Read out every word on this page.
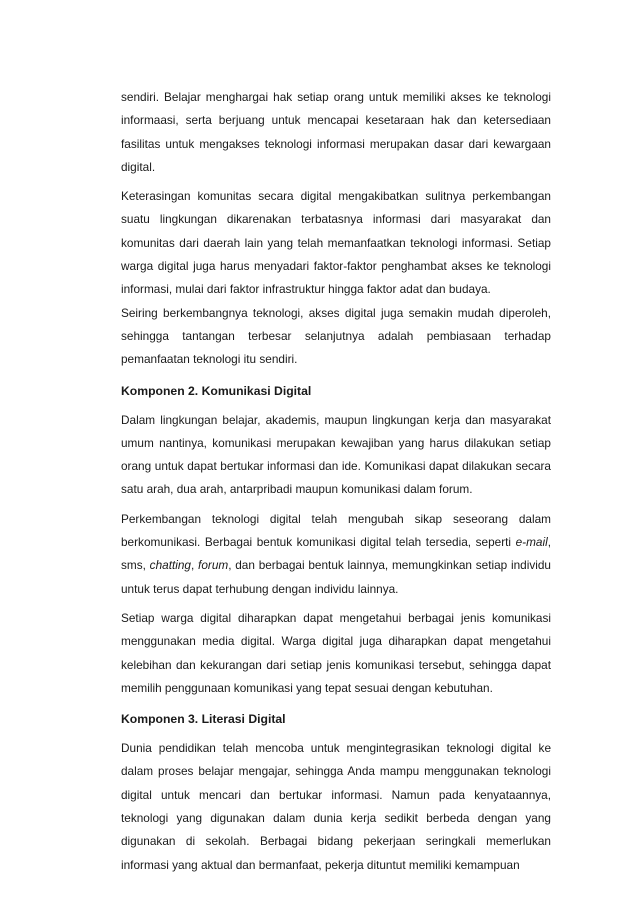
sendiri. Belajar menghargai hak setiap orang untuk memiliki akses ke teknologi informaasi, serta berjuang untuk mencapai kesetaraan hak dan ketersediaan fasilitas untuk mengakses teknologi informasi merupakan dasar dari kewargaan digital.

Keterasingan komunitas secara digital mengakibatkan sulitnya perkembangan suatu lingkungan dikarenakan terbatasnya informasi dari masyarakat dan komunitas dari daerah lain yang telah memanfaatkan teknologi informasi. Setiap warga digital juga harus menyadari faktor-faktor penghambat akses ke teknologi informasi, mulai dari faktor infrastruktur hingga faktor adat dan budaya.

Seiring berkembangnya teknologi, akses digital juga semakin mudah diperoleh, sehingga tantangan terbesar selanjutnya adalah pembiasaan terhadap pemanfaatan teknologi itu sendiri.

Komponen 2. Komunikasi Digital

Dalam lingkungan belajar, akademis, maupun lingkungan kerja dan masyarakat umum nantinya, komunikasi merupakan kewajiban yang harus dilakukan setiap orang untuk dapat bertukar informasi dan ide. Komunikasi dapat dilakukan secara satu arah, dua arah, antarpribadi maupun komunikasi dalam forum.

Perkembangan teknologi digital telah mengubah sikap seseorang dalam berkomunikasi. Berbagai bentuk komunikasi digital telah tersedia, seperti e-mail, sms, chatting, forum, dan berbagai bentuk lainnya, memungkinkan setiap individu untuk terus dapat terhubung dengan individu lainnya.

Setiap warga digital diharapkan dapat mengetahui berbagai jenis komunikasi menggunakan media digital. Warga digital juga diharapkan dapat mengetahui kelebihan dan kekurangan dari setiap jenis komunikasi tersebut, sehingga dapat memilih penggunaan komunikasi yang tepat sesuai dengan kebutuhan.

Komponen 3. Literasi Digital

Dunia pendidikan telah mencoba untuk mengintegrasikan teknologi digital ke dalam proses belajar mengajar, sehingga Anda mampu menggunakan teknologi digital untuk mencari dan bertukar informasi. Namun pada kenyataannya, teknologi yang digunakan dalam dunia kerja sedikit berbeda dengan yang digunakan di sekolah. Berbagai bidang pekerjaan seringkali memerlukan informasi yang aktual dan bermanfaat, pekerja dituntut memiliki kemampuan
